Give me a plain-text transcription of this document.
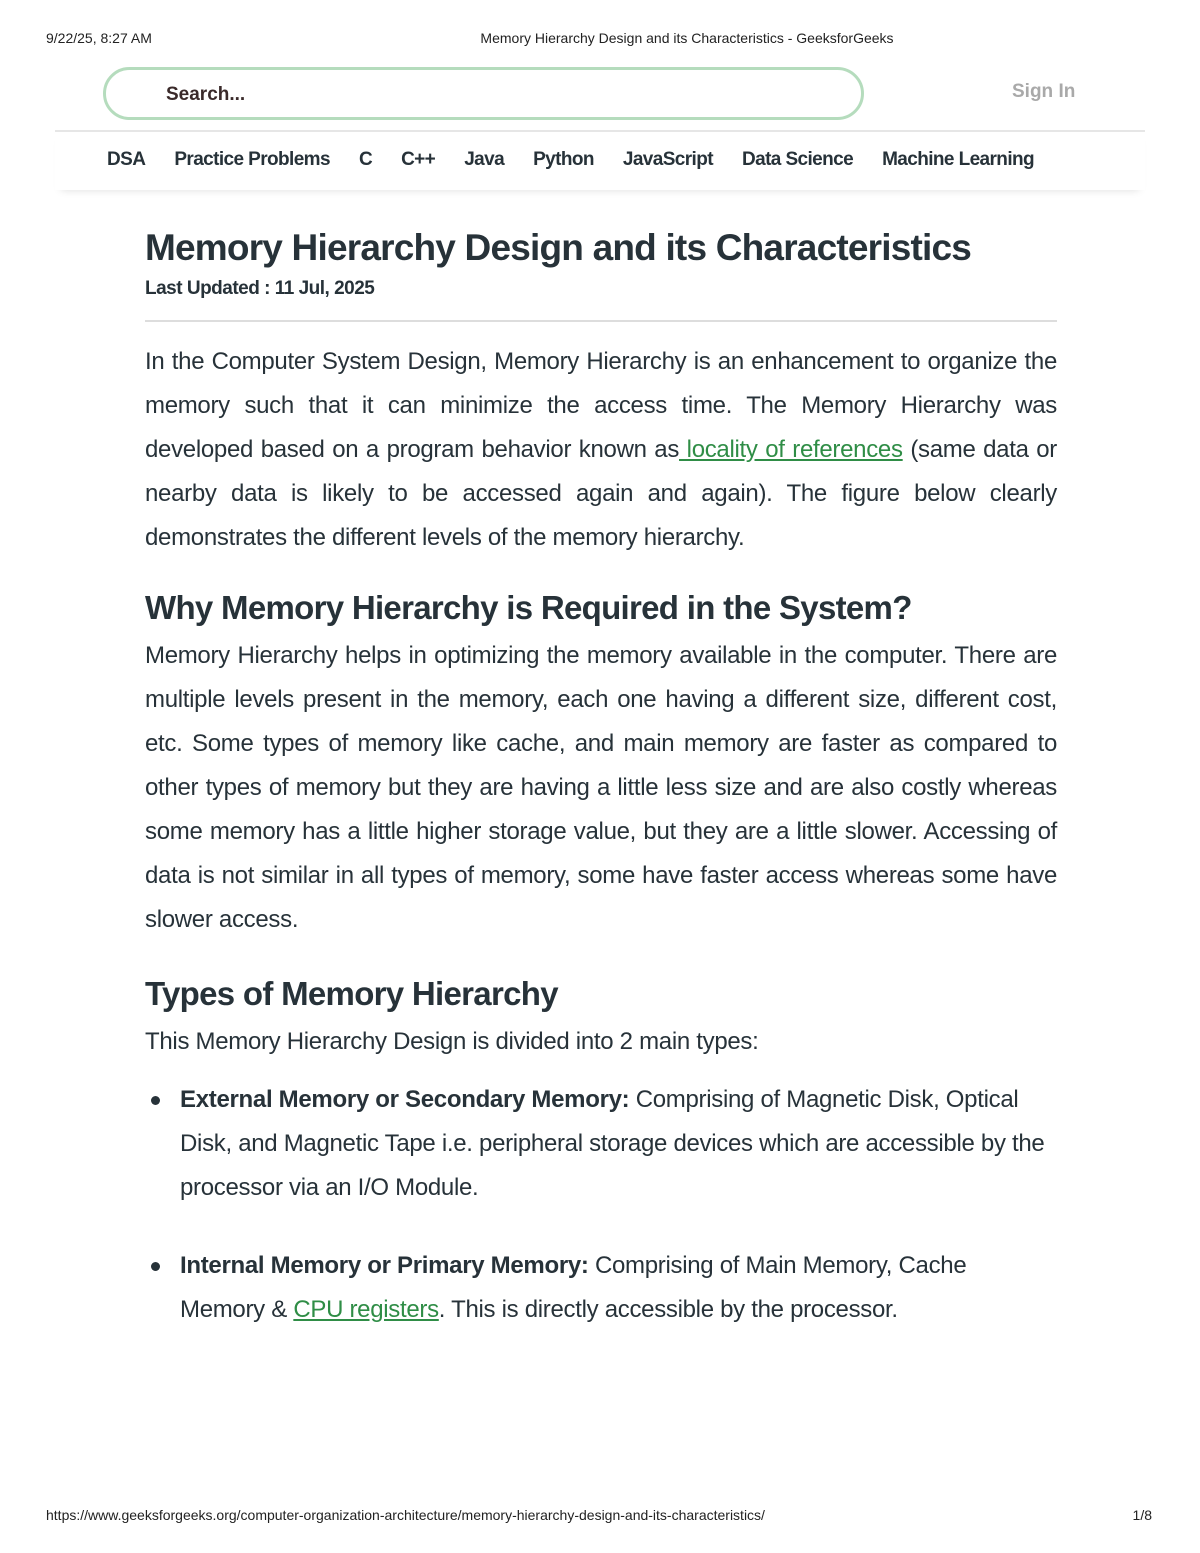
9/22/25, 8:27 AM	Memory Hierarchy Design and its Characteristics - GeeksforGeeks
Search...	Sign In
DSA Practice Problems C C++ Java Python JavaScript Data Science Machine Learning
Memory Hierarchy Design and its Characteristics
Last Updated : 11 Jul, 2025

In the Computer System Design, Memory Hierarchy is an enhancement to organize the memory such that it can minimize the access time. The Memory Hierarchy was developed based on a program behavior known as locality of references (same data or nearby data is likely to be accessed again and again). The figure below clearly demonstrates the different levels of the memory hierarchy.

Why Memory Hierarchy is Required in the System?

Memory Hierarchy helps in optimizing the memory available in the computer. There are multiple levels present in the memory, each one having a different size, different cost, etc. Some types of memory like cache, and main memory are faster as compared to other types of memory but they are having a little less size and are also costly whereas some memory has a little higher storage value, but they are a little slower. Accessing of data is not similar in all types of memory, some have faster access whereas some have slower access.

Types of Memory Hierarchy

This Memory Hierarchy Design is divided into 2 main types:

External Memory or Secondary Memory: Comprising of Magnetic Disk, Optical Disk, and Magnetic Tape i.e. peripheral storage devices which are accessible by the processor via an I/O Module.
Internal Memory or Primary Memory: Comprising of Main Memory, Cache Memory & CPU registers. This is directly accessible by the processor.
https://www.geeksforgeeks.org/computer-organization-architecture/memory-hierarchy-design-and-its-characteristics/	1/8
